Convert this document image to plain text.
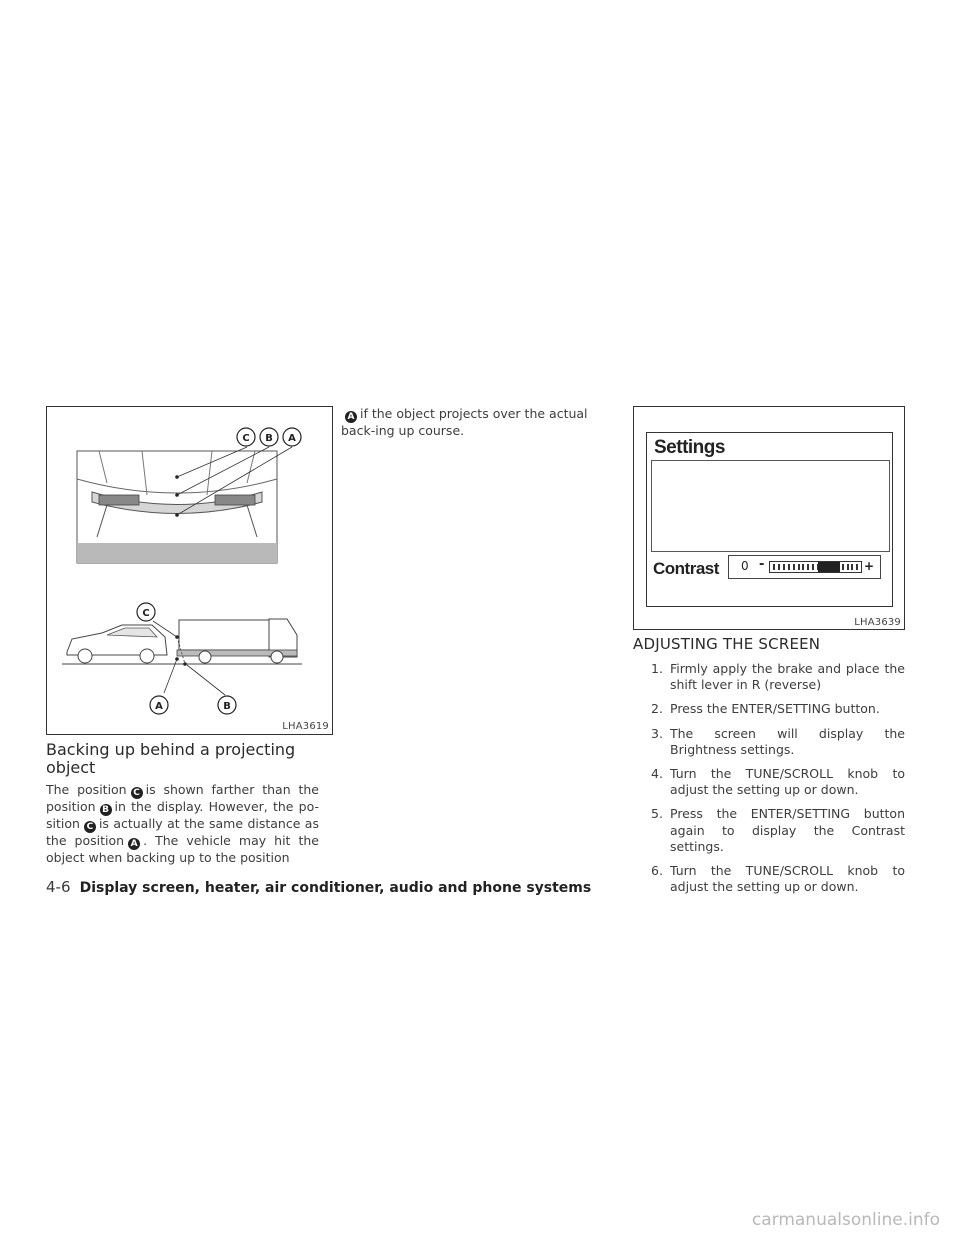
C B A
C
A	B
LHA3619
Backing up behind a projecting object
The position C is shown farther than the position B in the display. However, the po-sition C is actually at the same distance as the position A . The vehicle may hit the object when backing up to the position
A if the object projects over the actual back-ing up course.
Settings
Contrast 0 -	+
LHA3639
ADJUSTING THE SCREEN
1. Firmly apply the brake and place the shift lever in R (reverse)
2. Press the ENTER/SETTING button.
3. The screen will display the Brightness settings.
4. Turn the TUNE/SCROLL knob to adjust the setting up or down.
5. Press the ENTER/SETTING button again to display the Contrast settings.
6. Turn the TUNE/SCROLL knob to adjust the setting up or down.
4-6 Display screen, heater, air conditioner, audio and phone systems
carmanualsonline.info
